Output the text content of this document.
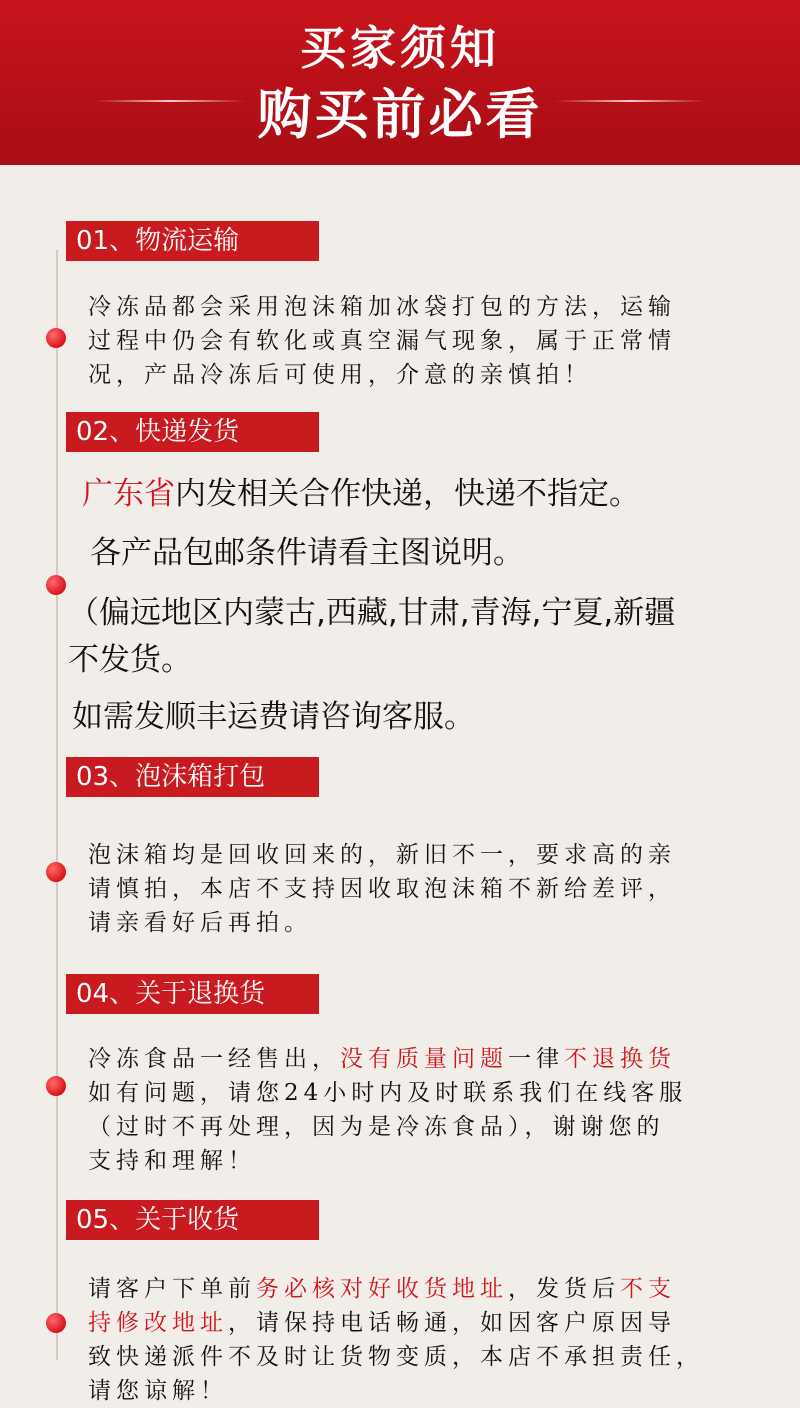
买家须知
购买前必看
01、物流运输
冷冻品都会采用泡沫箱加冰袋打包的方法，运输
过程中仍会有软化或真空漏气现象，属于正常情
况，产品冷冻后可使用，介意的亲慎拍！
02、快递发货
广东省内发相关合作快递，快递不指定。
各产品包邮条件请看主图说明。
（偏远地区内蒙古,西藏,甘肃,青海,宁夏,新疆
不发货。
如需发顺丰运费请咨询客服。
03、泡沫箱打包
泡沫箱均是回收回来的，新旧不一，要求高的亲
请慎拍，本店不支持因收取泡沫箱不新给差评，
请亲看好后再拍。
04、关于退换货
冷冻食品一经售出，没有质量问题一律不退换货
如有问题，请您24小时内及时联系我们在线客服
（过时不再处理，因为是冷冻食品），谢谢您的
支持和理解！
05、关于收货
请客户下单前务必核对好收货地址，发货后不支
持修改地址，请保持电话畅通，如因客户原因导
致快递派件不及时让货物变质，本店不承担责任，
请您谅解！
